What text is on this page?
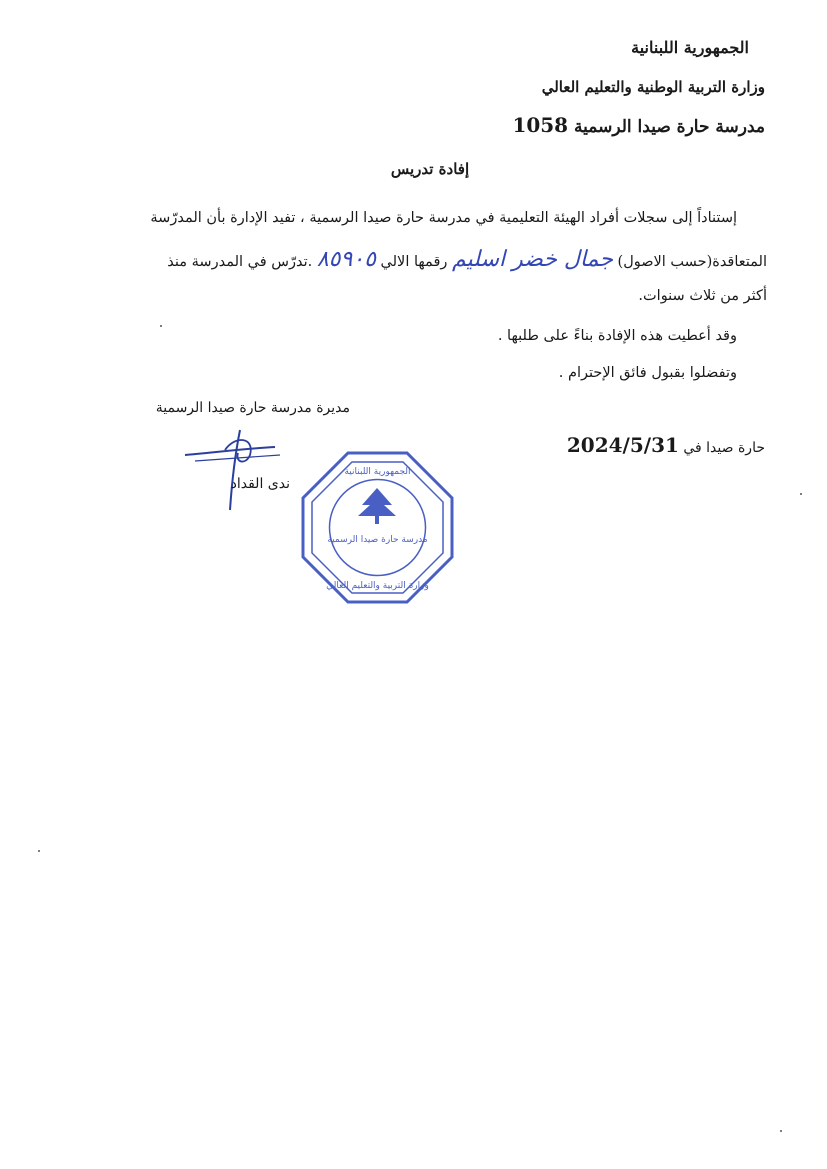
الجمهورية اللبنانية
وزارة التربية الوطنية والتعليم العالي
مدرسة حارة صيدا الرسمية 1058
إفادة تدريس
إستناداً إلى سجلات أفراد الهيئة التعليمية في مدرسة حارة صيدا الرسمية ، تفيد الإدارة بأن المدرّسة
المتعاقدة(حسب الاصول) جمال خضر اسليم رقمها الالي ٨٥٩٠٥ .تدرّس في المدرسة منذ
أكثر من ثلاث سنوات.
وقد أعطيت هذه الإفادة بناءً على طلبها .
وتفضلوا بقبول فائق الإحترام .
مديرة مدرسة حارة صيدا الرسمية
حارة صيدا في 2024/5/31
ندى القداد
مدرسة حارة صيدا الرسمية
الجمهورية اللبنانية
وزارة التربية والتعليم العالي
